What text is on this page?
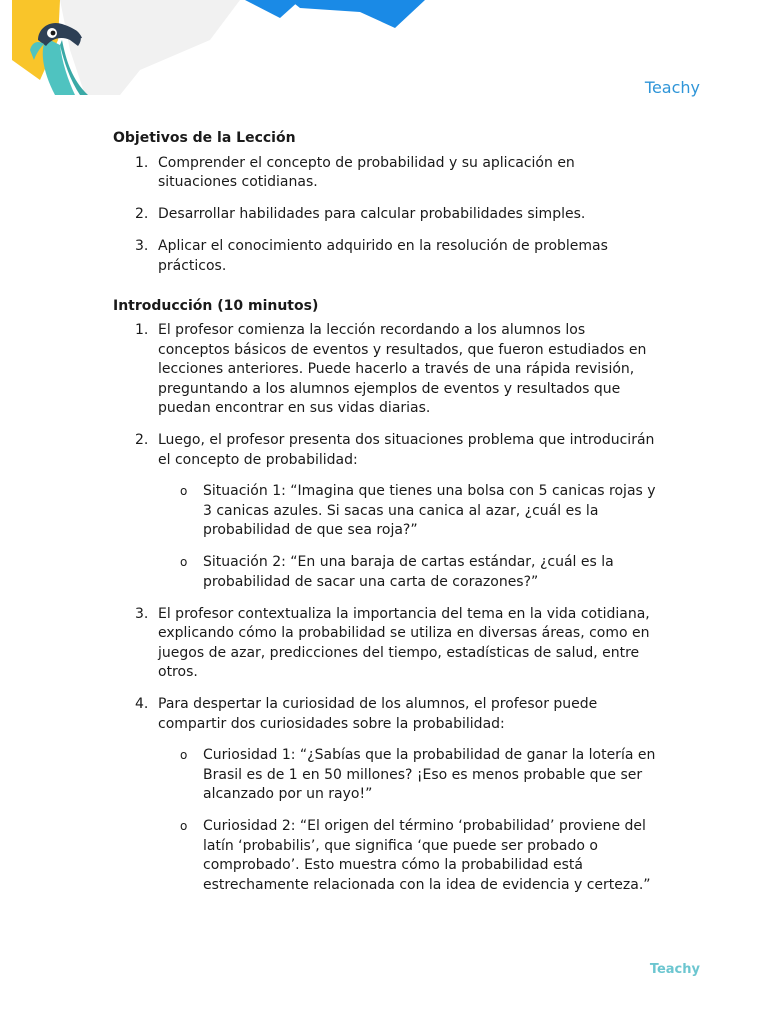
Teachy
Objetivos de la Lección
1. Comprender el concepto de probabilidad y su aplicación en situaciones cotidianas.
2. Desarrollar habilidades para calcular probabilidades simples.
3. Aplicar el conocimiento adquirido en la resolución de problemas prácticos.
Introducción (10 minutos)
1. El profesor comienza la lección recordando a los alumnos los conceptos básicos de eventos y resultados, que fueron estudiados en lecciones anteriores. Puede hacerlo a través de una rápida revisión, preguntando a los alumnos ejemplos de eventos y resultados que puedan encontrar en sus vidas diarias.
2. Luego, el profesor presenta dos situaciones problema que introducirán el concepto de probabilidad:
o Situación 1: “Imagina que tienes una bolsa con 5 canicas rojas y 3 canicas azules. Si sacas una canica al azar, ¿cuál es la probabilidad de que sea roja?”
o Situación 2: “En una baraja de cartas estándar, ¿cuál es la probabilidad de sacar una carta de corazones?”
3. El profesor contextualiza la importancia del tema en la vida cotidiana, explicando cómo la probabilidad se utiliza en diversas áreas, como en juegos de azar, predicciones del tiempo, estadísticas de salud, entre otros.
4. Para despertar la curiosidad de los alumnos, el profesor puede compartir dos curiosidades sobre la probabilidad:
o Curiosidad 1: “¿Sabías que la probabilidad de ganar la lotería en Brasil es de 1 en 50 millones? ¡Eso es menos probable que ser alcanzado por un rayo!”
o Curiosidad 2: “El origen del término ‘probabilidad’ proviene del latín ‘probabilis’, que significa ‘que puede ser probado o comprobado’. Esto muestra cómo la probabilidad está estrechamente relacionada con la idea de evidencia y certeza.”
Teachy
